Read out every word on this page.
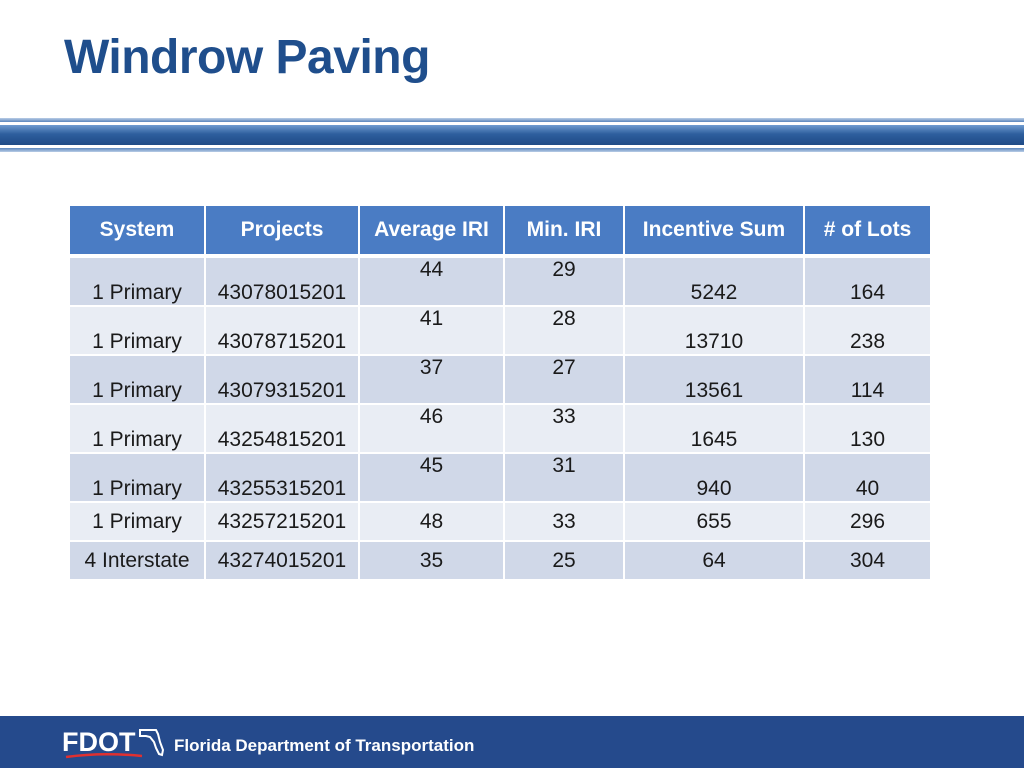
Windrow Paving
System	Projects	Average IRI	Min. IRI	Incentive Sum	# of Lots
1 Primary	43078015201	44	29	5242	164
1 Primary	43078715201	41	28	13710	238
1 Primary	43079315201	37	27	13561	114
1 Primary	43254815201	46	33	1645	130
1 Primary	43255315201	45	31	940	40
1 Primary	43257215201	48	33	655	296
4 Interstate	43274015201	35	25	64	304
FDOT Florida Department of Transportation
